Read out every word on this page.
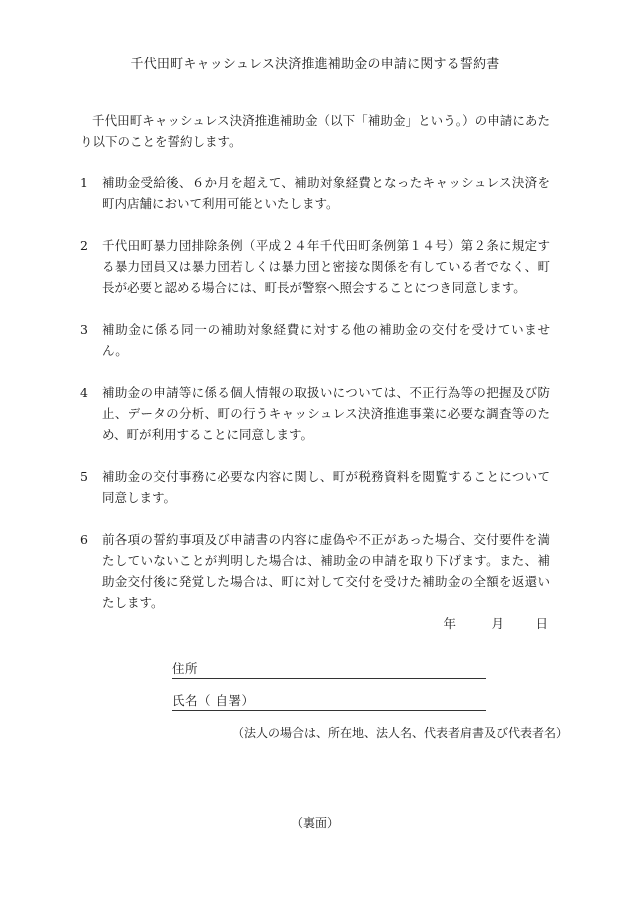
千代田町キャッシュレス決済推進補助金の申請に関する誓約書
千代田町キャッシュレス決済推進補助金（以下「補助金」という。）の申請にあたり以下のことを誓約します。
1	補助金受給後、６か月を超えて、補助対象経費となったキャッシュレス決済を町内店舗において利用可能といたします。
2	千代田町暴力団排除条例（平成２４年千代田町条例第１４号）第２条に規定する暴力団員又は暴力団若しくは暴力団と密接な関係を有している者でなく、町長が必要と認める場合には、町長が警察へ照会することにつき同意します。
3	補助金に係る同一の補助対象経費に対する他の補助金の交付を受けていません。
4	補助金の申請等に係る個人情報の取扱いについては、不正行為等の把握及び防止、データの分析、町の行うキャッシュレス決済推進事業に必要な調査等のため、町が利用することに同意します。
5	補助金の交付事務に必要な内容に関し、町が税務資料を閲覧することについて同意します。
6	前各項の誓約事項及び申請書の内容に虚偽や不正があった場合、交付要件を満たしていないことが判明した場合は、補助金の申請を取り下げます。また、補助金交付後に発覚した場合は、町に対して交付を受けた補助金の全額を返還いたします。
年	月	日
住所
氏名（ 自署）
（法人の場合は、所在地、法人名、代表者肩書及び代表者名）
（裏面）
